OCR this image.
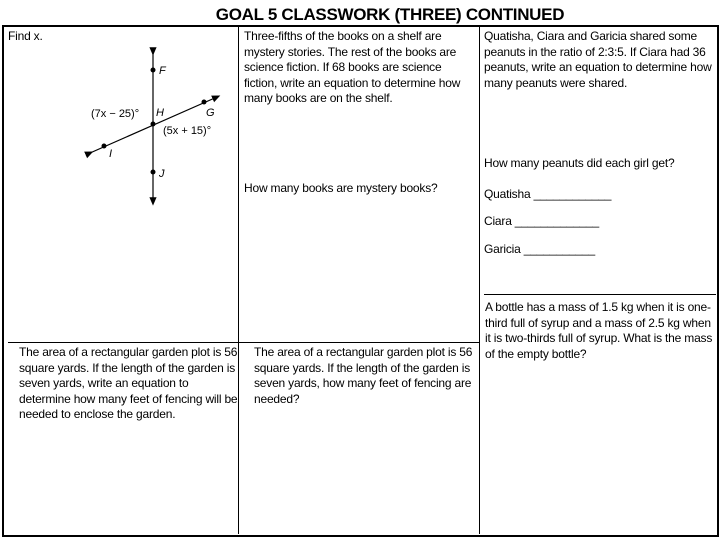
GOAL 5 CLASSWORK (THREE) CONTINUED
Find x.
F
H	G
I
J
(7x − 25)°
(5x + 15)°
Three-fifths of the books on a shelf are mystery stories. The rest of the books are science fiction. If 68 books are science fiction, write an equation to determine how many books are on the shelf.
How many books are mystery books?
Quatisha, Ciara and Garicia shared some peanuts in the ratio of 2:3:5. If Ciara had 36 peanuts, write an equation to determine how many peanuts were shared.
How many peanuts did each girl get?
Quatisha ____________
Ciara _____________
Garicia ___________
The area of a rectangular garden plot is 56 square yards. If the length of the garden is seven yards, write an equation to determine how many feet of fencing will be needed to enclose the garden.
The area of a rectangular garden plot is 56 square yards. If the length of the garden is seven yards, how many feet of fencing are needed?
A bottle has a mass of 1.5 kg when it is one-third full of syrup and a mass of 2.5 kg when it is two-thirds full of syrup. What is the mass of the empty bottle?
